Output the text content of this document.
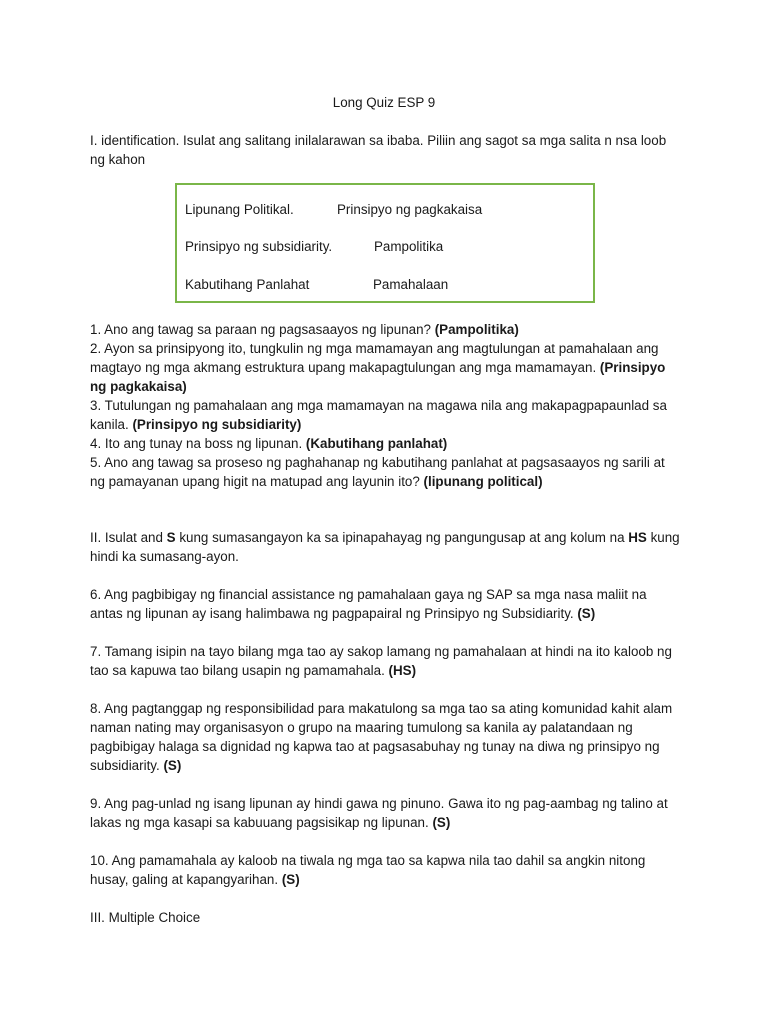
Long Quiz ESP 9

I. identification. Isulat ang salitang inilalarawan sa ibaba. Piliin ang sagot sa mga salita n nsa loob ng kahon

Lipunang Politikal.	Prinsipyo ng pagkakaisa
Prinsipyo ng subsidiarity.	Pampolitika
Kabutihang Panlahat	Pamahalaan

1. Ano ang tawag sa paraan ng pagsasaayos ng lipunan? (Pampolitika)

2. Ayon sa prinsipyong ito, tungkulin ng mga mamamayan ang magtulungan at pamahalaan ang magtayo ng mga akmang estruktura upang makapagtulungan ang mga mamamayan. (Prinsipyo ng pagkakaisa)

3. Tutulungan ng pamahalaan ang mga mamamayan na magawa nila ang makapagpapaunlad sa kanila. (Prinsipyo ng subsidiarity)

4. Ito ang tunay na boss ng lipunan. (Kabutihang panlahat)

5. Ano ang tawag sa proseso ng paghahanap ng kabutihang panlahat at pagsasaayos ng sarili at ng pamayanan upang higit na matupad ang layunin ito? (lipunang political)

II. Isulat and S kung sumasangayon ka sa ipinapahayag ng pangungusap at ang kolum na HS kung hindi ka sumasang-ayon.

6. Ang pagbibigay ng financial assistance ng pamahalaan gaya ng SAP sa mga nasa maliit na antas ng lipunan ay isang halimbawa ng pagpapairal ng Prinsipyo ng Subsidiarity. (S)

7. Tamang isipin na tayo bilang mga tao ay sakop lamang ng pamahalaan at hindi na ito kaloob ng tao sa kapuwa tao bilang usapin ng pamamahala. (HS)

8. Ang pagtanggap ng responsibilidad para makatulong sa mga tao sa ating komunidad kahit alam naman nating may organisasyon o grupo na maaring tumulong sa kanila ay palatandaan ng pagbibigay halaga sa dignidad ng kapwa tao at pagsasabuhay ng tunay na diwa ng prinsipyo ng subsidiarity. (S)

9. Ang pag-unlad ng isang lipunan ay hindi gawa ng pinuno. Gawa ito ng pag-aambag ng talino at lakas ng mga kasapi sa kabuuang pagsisikap ng lipunan. (S)

10. Ang pamamahala ay kaloob na tiwala ng mga tao sa kapwa nila tao dahil sa angkin nitong husay, galing at kapangyarihan. (S)

III. Multiple Choice
